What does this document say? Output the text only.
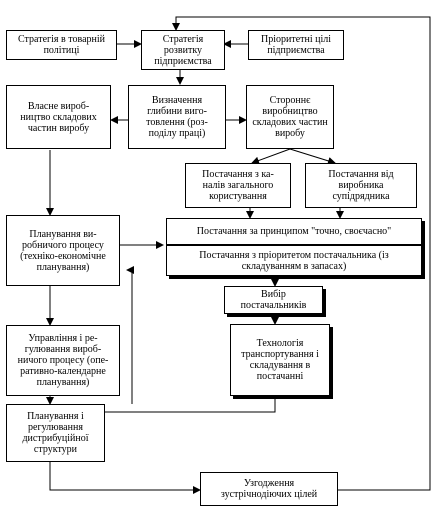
Стратегія в товарній
політиці
Стратегія
розвитку
підприємства
Пріоритетні цілі
підприємства
Власне вироб-
ництво складових
частин виробу
Визначення
глибини виго-
товлення (роз-
поділу праці)
Стороннє
виробництво
складових частин
виробу
Постачання з ка-
налів загального
користування
Постачання від
виробника
супідрядника
Планування ви-
робничого процесу
(техніко-економічне
планування)
Постачання за принципом "точно, своєчасно"
Постачання з пріоритетом постачальника (із
складуванням в запасах)
Вибір
постачальників
Технологія
транспортування і
складування в
постачанні
Управління і ре-
гулювання вироб-
ничого процесу (опе-
ративно-календарне
планування)
Планування і
регулювання
дистрибуційної
структури
Узгодження
зустрічнодіючих цілей
